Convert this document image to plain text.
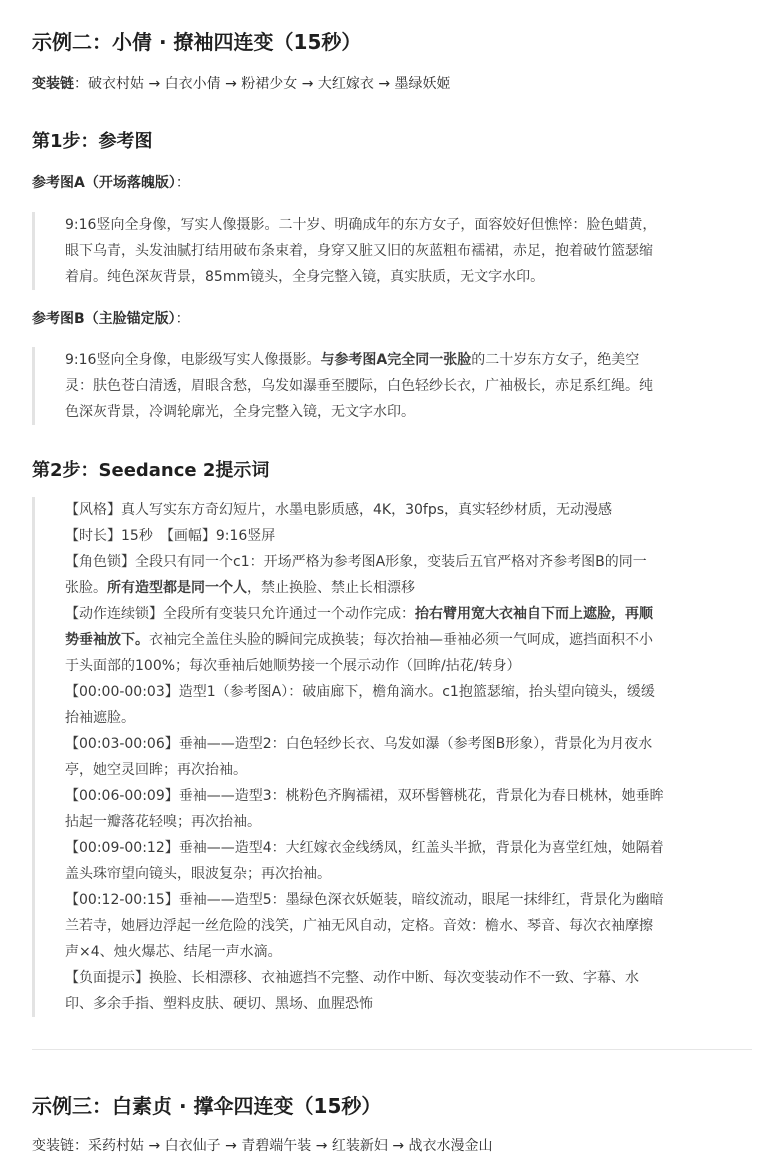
示例二：小倩 · 撩袖四连变（15秒）
变装链：破衣村姑 → 白衣小倩 → 粉裙少女 → 大红嫁衣 → 墨绿妖姬
第1步：参考图
参考图A（开场落魄版）：
9:16竖向全身像，写实人像摄影。二十岁、明确成年的东方女子，面容姣好但憔悴：脸色蜡黄，
眼下乌青，头发油腻打结用破布条束着，身穿又脏又旧的灰蓝粗布襦裙，赤足，抱着破竹篮瑟缩
着肩。纯色深灰背景，85mm镜头，全身完整入镜，真实肤质，无文字水印。
参考图B（主脸锚定版）：
9:16竖向全身像，电影级写实人像摄影。与参考图A完全同一张脸的二十岁东方女子，绝美空
灵：肤色苍白清透，眉眼含愁，乌发如瀑垂至腰际，白色轻纱长衣，广袖极长，赤足系红绳。纯
色深灰背景，冷调轮廓光，全身完整入镜，无文字水印。
第2步：Seedance 2提示词
【风格】真人写实东方奇幻短片，水墨电影质感，4K，30fps，真实轻纱材质，无动漫感
【时长】15秒　【画幅】9:16竖屏
【角色锁】全段只有同一个c1：开场严格为参考图A形象，变装后五官严格对齐参考图B的同一
张脸。所有造型都是同一个人，禁止换脸、禁止长相漂移
【动作连续锁】全段所有变装只允许通过一个动作完成：抬右臂用宽大衣袖自下而上遮脸，再顺
势垂袖放下。衣袖完全盖住头脸的瞬间完成换装；每次抬袖—垂袖必须一气呵成，遮挡面积不小
于头面部的100%；每次垂袖后她顺势接一个展示动作（回眸/拈花/转身）
【00:00-00:03】造型1（参考图A）：破庙廊下，檐角滴水。c1抱篮瑟缩，抬头望向镜头，缓缓
抬袖遮脸。
【00:03-00:06】垂袖——造型2：白色轻纱长衣、乌发如瀑（参考图B形象），背景化为月夜水
亭，她空灵回眸；再次抬袖。
【00:06-00:09】垂袖——造型3：桃粉色齐胸襦裙，双环髻簪桃花，背景化为春日桃林，她垂眸
拈起一瓣落花轻嗅；再次抬袖。
【00:09-00:12】垂袖——造型4：大红嫁衣金线绣凤，红盖头半掀，背景化为喜堂红烛，她隔着
盖头珠帘望向镜头，眼波复杂；再次抬袖。
【00:12-00:15】垂袖——造型5：墨绿色深衣妖姬装，暗纹流动，眼尾一抹绯红，背景化为幽暗
兰若寺，她唇边浮起一丝危险的浅笑，广袖无风自动，定格。音效：檐水、琴音、每次衣袖摩擦
声×4、烛火爆芯、结尾一声水滴。
【负面提示】换脸、长相漂移、衣袖遮挡不完整、动作中断、每次变装动作不一致、字幕、水
印、多余手指、塑料皮肤、硬切、黑场、血腥恐怖
示例三：白素贞 · 撑伞四连变（15秒）
变装链：采药村姑 → 白衣仙子 → 青碧端午装 → 红装新妇 → 战衣水漫金山
